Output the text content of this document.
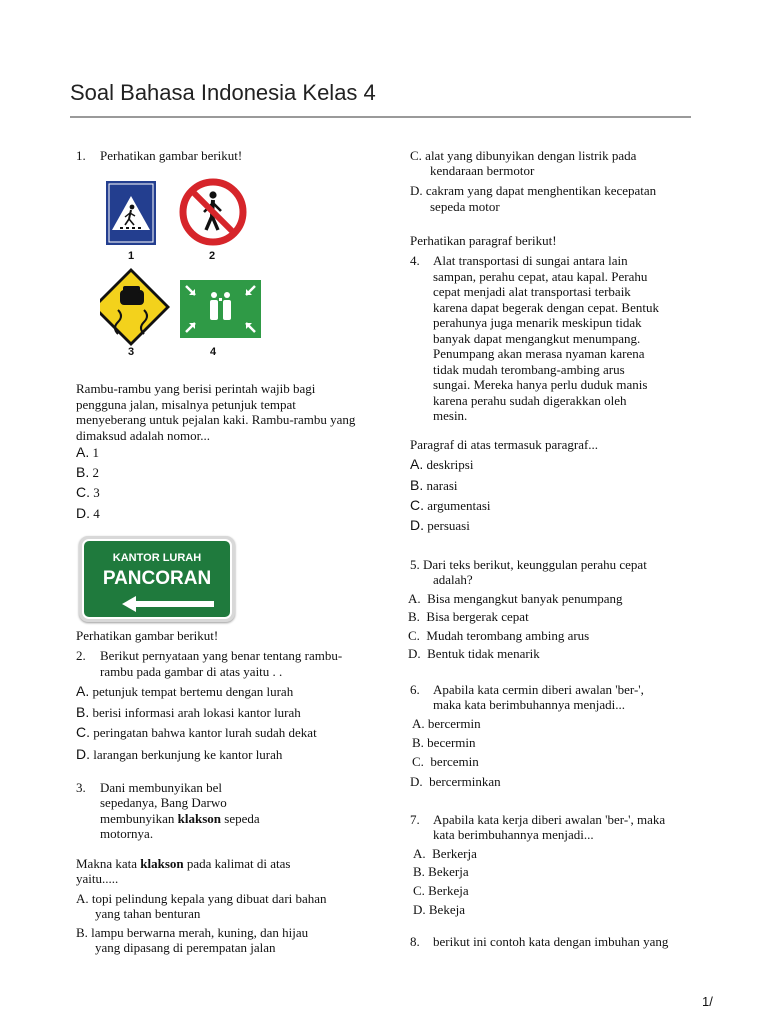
Soal Bahasa Indonesia Kelas 4
1. Perhatikan gambar berikut!
1	2
3	4
Rambu-rambu yang berisi perintah wajib bagi pengguna jalan, misalnya petunjuk tempat menyeberang untuk pejalan kaki. Rambu-rambu yang dimaksud adalah nomor...
A. 1
B. 2
C. 3
D. 4
KANTOR LURAH
PANCORAN
Perhatikan gambar berikut!
2. Berikut pernyataan yang benar tentang rambu-rambu pada gambar di atas yaitu . .
A. petunjuk tempat bertemu dengan lurah
B. berisi informasi arah lokasi kantor lurah
C. peringatan bahwa kantor lurah sudah dekat
D. larangan berkunjung ke kantor lurah
3. Dani membunyikan bel
sepedanya, Bang Darwo
membunyikan klakson sepeda
motornya.
Makna kata klakson pada kalimat di atas
yaitu.....
A. topi pelindung kepala yang dibuat dari bahan
yang tahan benturan
B. lampu berwarna merah, kuning, dan hijau
yang dipasang di perempatan jalan
C. alat yang dibunyikan dengan listrik pada
kendaraan bermotor
D. cakram yang dapat menghentikan kecepatan
sepeda motor
Perhatikan paragraf berikut!
4. Alat transportasi di sungai antara lain
sampan, perahu cepat, atau kapal. Perahu
cepat menjadi alat transportasi terbaik
karena dapat begerak dengan cepat. Bentuk
perahunya juga menarik meskipun tidak
banyak dapat mengangkut menumpang.
Penumpang akan merasa nyaman karena
tidak mudah terombang-ambing arus
sungai. Mereka hanya perlu duduk manis
karena perahu sudah digerakkan oleh
mesin.
Paragraf di atas termasuk paragraf...
A. deskripsi
B. narasi
C. argumentasi
D. persuasi
5. Dari teks berikut, keunggulan perahu cepat
adalah?
A. Bisa mengangkut banyak penumpang
B. Bisa bergerak cepat
C. Mudah terombang ambing arus
D. Bentuk tidak menarik
6. Apabila kata cermin diberi awalan 'ber-',
maka kata berimbuhannya menjadi...
A. bercermin
B. becermin
C. bercemin
D. bercerminkan
7. Apabila kata kerja diberi awalan 'ber-', maka
kata berimbuhannya menjadi...
A. Berkerja
B. Bekerja
C. Berkeja
D. Bekeja
8. berikut ini contoh kata dengan imbuhan yang
1/
